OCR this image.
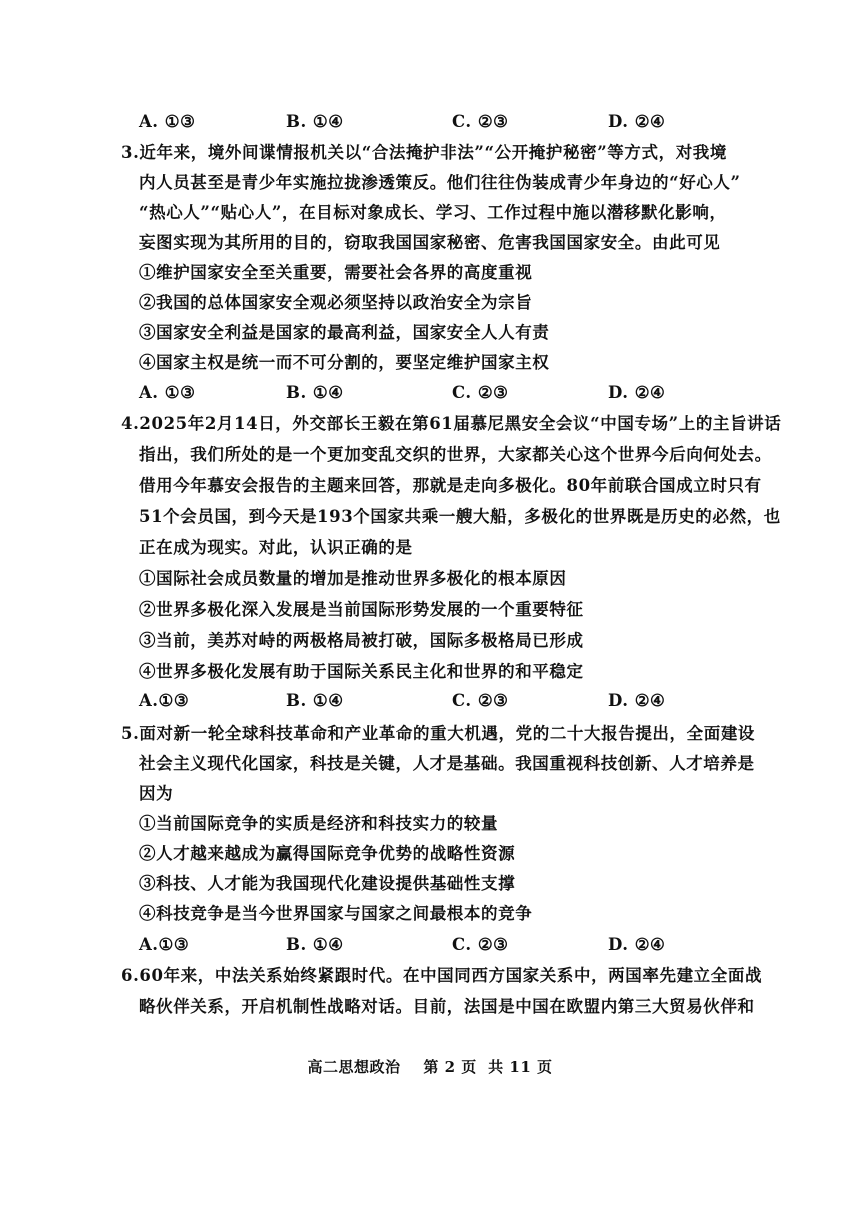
A. ①③	B. ①④	C. ②③	D. ②④
3.近年来，境外间谍情报机关以“合法掩护非法”“公开掩护秘密”等方式，对我境
内人员甚至是青少年实施拉拢渗透策反。他们往往伪装成青少年身边的“好心人”
“热心人”“贴心人”，在目标对象成长、学习、工作过程中施以潜移默化影响，
妄图实现为其所用的目的，窃取我国国家秘密、危害我国国家安全。由此可见
①维护国家安全至关重要，需要社会各界的高度重视
②我国的总体国家安全观必须坚持以政治安全为宗旨
③国家安全利益是国家的最高利益，国家安全人人有责
④国家主权是统一而不可分割的，要坚定维护国家主权
A. ①③	B. ①④	C. ②③	D. ②④
4.2025年2月14日，外交部长王毅在第61届慕尼黑安全会议“中国专场”上的主旨讲话
指出，我们所处的是一个更加变乱交织的世界，大家都关心这个世界今后向何处去。
借用今年慕安会报告的主题来回答，那就是走向多极化。80年前联合国成立时只有
51个会员国，到今天是193个国家共乘一艘大船，多极化的世界既是历史的必然，也
正在成为现实。对此，认识正确的是
①国际社会成员数量的增加是推动世界多极化的根本原因
②世界多极化深入发展是当前国际形势发展的一个重要特征
③当前，美苏对峙的两极格局被打破，国际多极格局已形成
④世界多极化发展有助于国际关系民主化和世界的和平稳定
A.①③	B. ①④	C. ②③	D. ②④
5.面对新一轮全球科技革命和产业革命的重大机遇，党的二十大报告提出，全面建设
社会主义现代化国家，科技是关键，人才是基础。我国重视科技创新、人才培养是
因为
①当前国际竞争的实质是经济和科技实力的较量
②人才越来越成为赢得国际竞争优势的战略性资源
③科技、人才能为我国现代化建设提供基础性支撑
④科技竞争是当今世界国家与国家之间最根本的竞争
A.①③	B. ①④	C. ②③	D. ②④
6.60年来，中法关系始终紧跟时代。在中国同西方国家关系中，两国率先建立全面战
略伙伴关系，开启机制性战略对话。目前，法国是中国在欧盟内第三大贸易伙伴和
高二思想政治    第 2 页  共 11 页
